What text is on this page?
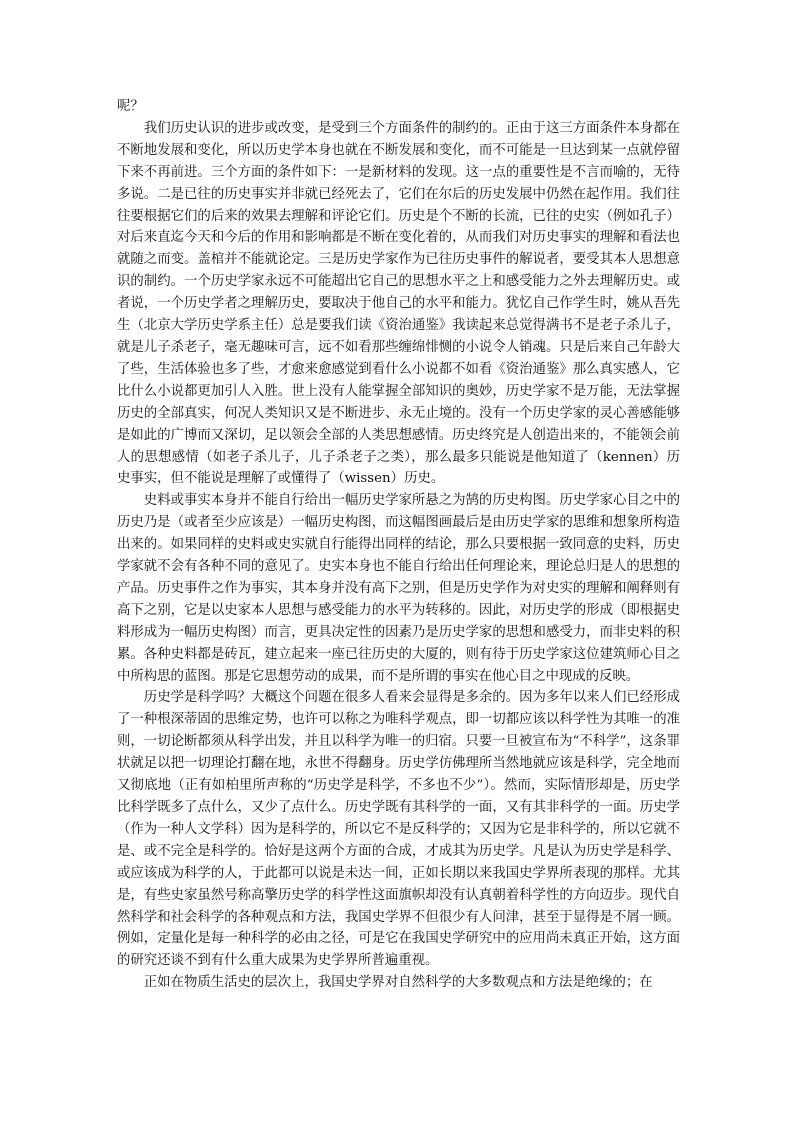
呢？

我们历史认识的进步或改变，是受到三个方面条件的制约的。正由于这三方面条件本身都在不断地发展和变化，所以历史学本身也就在不断发展和变化，而不可能是一旦达到某一点就停留下来不再前进。三个方面的条件如下：一是新材料的发现。这一点的重要性是不言而喻的，无待多说。二是已往的历史事实并非就已经死去了，它们在尔后的历史发展中仍然在起作用。我们往往要根据它们的后来的效果去理解和评论它们。历史是个不断的长流，已往的史实（例如孔子）对后来直迄今天和今后的作用和影响都是不断在变化着的，从而我们对历史事实的理解和看法也就随之而变。盖棺并不能就论定。三是历史学家作为已往历史事件的解说者，要受其本人思想意识的制约。一个历史学家永远不可能超出它自己的思想水平之上和感受能力之外去理解历史。或者说，一个历史学者之理解历史，要取决于他自己的水平和能力。犹忆自己作学生时，姚从吾先生（北京大学历史学系主任）总是要我们读《资治通鉴》我读起来总觉得满书不是老子杀儿子，就是儿子杀老子，毫无趣味可言，远不如看那些缠绵悱恻的小说令人销魂。只是后来自己年龄大了些，生活体验也多了些，才愈来愈感觉到看什么小说都不如看《资治通鉴》那么真实感人，它比什么小说都更加引人入胜。世上没有人能掌握全部知识的奥妙，历史学家不是万能，无法掌握历史的全部真实，何况人类知识又是不断进步、永无止境的。没有一个历史学家的灵心善感能够是如此的广博而又深切，足以领会全部的人类思想感情。历史终究是人创造出来的，不能领会前人的思想感情（如老子杀儿子，儿子杀老子之类），那么最多只能说是他知道了（kennen）历史事实，但不能说是理解了或懂得了（wissen）历史。

史料或事实本身并不能自行给出一幅历史学家所悬之为鹄的历史构图。历史学家心目之中的历史乃是（或者至少应该是）一幅历史构图，而这幅图画最后是由历史学家的思维和想象所构造出来的。如果同样的史料或史实就自行能得出同样的结论，那么只要根据一致同意的史料，历史学家就不会有各种不同的意见了。史实本身也不能自行给出任何理论来，理论总归是人的思想的产品。历史事件之作为事实，其本身并没有高下之别，但是历史学作为对史实的理解和阐释则有高下之别，它是以史家本人思想与感受能力的水平为转移的。因此，对历史学的形成（即根据史料形成为一幅历史构图）而言，更具决定性的因素乃是历史学家的思想和感受力，而非史料的积累。各种史料都是砖瓦，建立起来一座已往历史的大厦的，则有待于历史学家这位建筑师心目之中所构思的蓝图。那是它思想劳动的成果，而不是所谓的事实在他心目之中现成的反映。

历史学是科学吗？大概这个问题在很多人看来会显得是多余的。因为多年以来人们已经形成了一种根深蒂固的思维定势，也许可以称之为唯科学观点，即一切都应该以科学性为其唯一的准则，一切论断都须从科学出发，并且以科学为唯一的归宿。只要一旦被宣布为“不科学”，这条罪状就足以把一切理论打翻在地，永世不得翻身。历史学仿佛理所当然地就应该是科学，完全地而又彻底地（正有如柏里所声称的“历史学是科学，不多也不少”）。然而，实际情形却是，历史学比科学既多了点什么，又少了点什么。历史学既有其科学的一面，又有其非科学的一面。历史学（作为一种人文学科）因为是科学的，所以它不是反科学的；又因为它是非科学的，所以它就不是、或不完全是科学的。恰好是这两个方面的合成，才成其为历史学。凡是认为历史学是科学、或应该成为科学的人，于此都可以说是未达一间，正如长期以来我国史学界所表现的那样。尤其是，有些史家虽然号称高擎历史学的科学性这面旗帜却没有认真朝着科学性的方向迈步。现代自然科学和社会科学的各种观点和方法，我国史学界不但很少有人问津，甚至于显得是不屑一顾。例如，定量化是每一种科学的必由之径，可是它在我国史学研究中的应用尚未真正开始，这方面的研究还谈不到有什么重大成果为史学界所普遍重视。

正如在物质生活史的层次上，我国史学界对自然科学的大多数观点和方法是绝缘的；在
